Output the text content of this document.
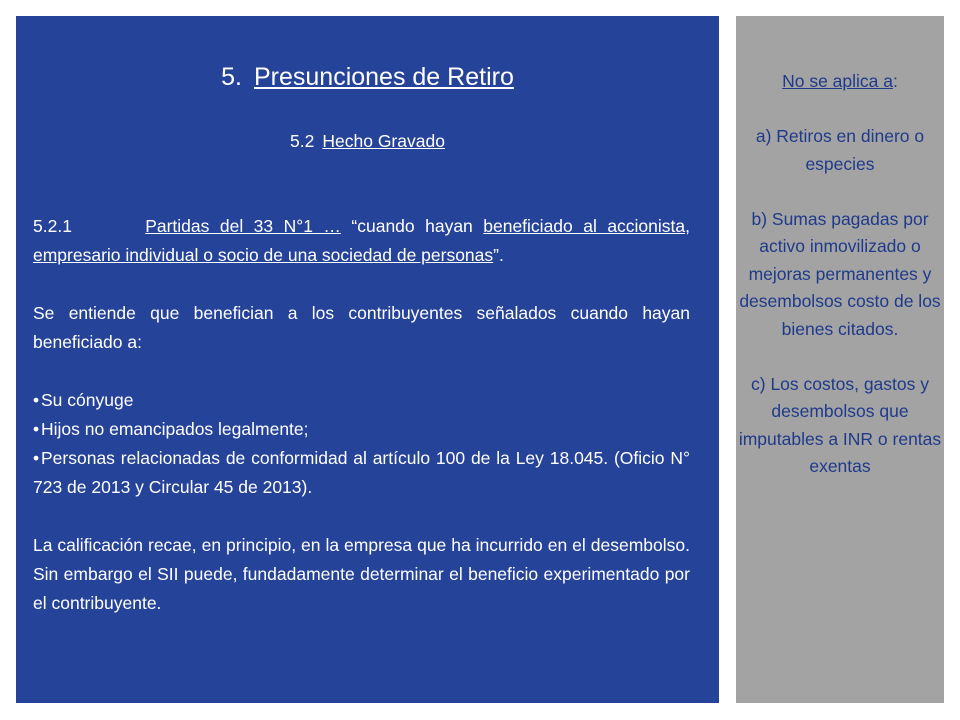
5. Presunciones de Retiro
5.2 Hecho Gravado

5.2.1	Partidas del 33 N°1 … “cuando hayan beneficiado al accionista, empresario individual o socio de una sociedad de personas”.

Se entiende que benefician a los contribuyentes señalados cuando hayan beneficiado a:

• Su cónyuge
• Hijos no emancipados legalmente;
• Personas relacionadas de conformidad al artículo 100 de la Ley 18.045. (Oficio N° 723 de 2013 y Circular 45 de 2013).

La calificación recae, en principio, en la empresa que ha incurrido en el desembolso. Sin embargo el SII puede, fundadamente determinar el beneficio experimentado por el contribuyente.

No se aplica a:

a) Retiros en dinero o especies

b) Sumas pagadas por activo inmovilizado o mejoras permanentes y desembolsos costo de los bienes citados.

c) Los costos, gastos y desembolsos que imputables a INR o rentas exentas
